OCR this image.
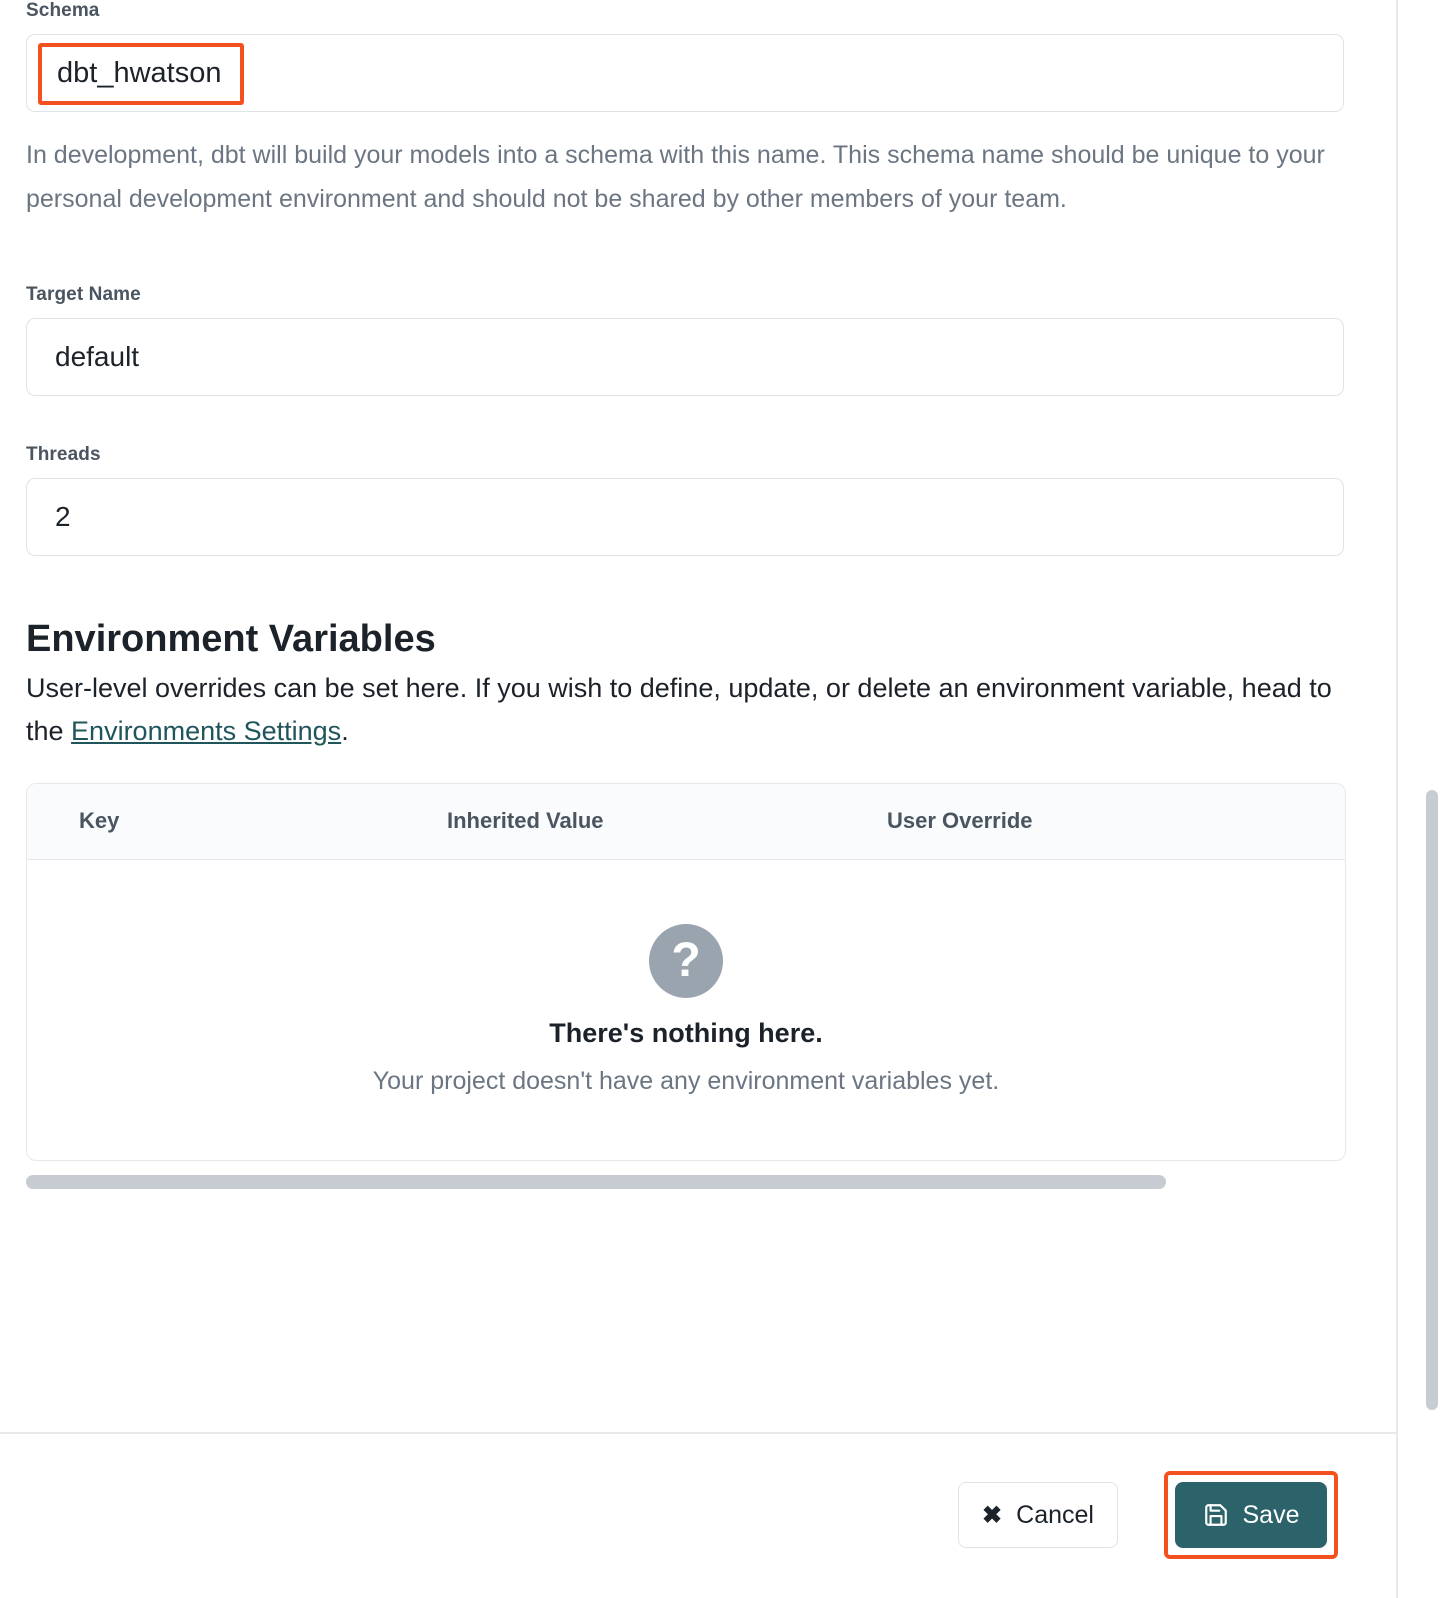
Schema
dbt_hwatson

In development, dbt will build your models into a schema with this name. This schema name should be unique to your personal development environment and should not be shared by other members of your team.

Target Name
default
Threads
2
Environment Variables

User-level overrides can be set here. If you wish to define, update, or delete an environment variable, head to the Environments Settings.

Key	Inherited Value	User Override
?
There's nothing here.
Your project doesn't have any environment variables yet.
✖ Cancel	Save
